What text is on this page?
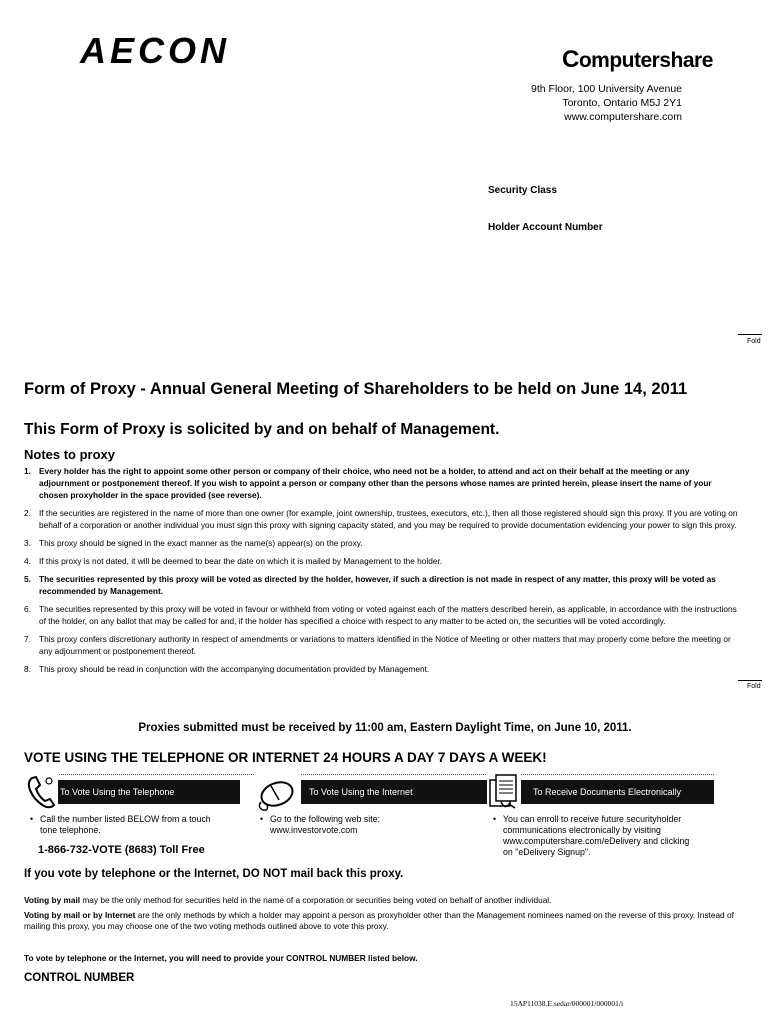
AECON	Computershare
9th Floor, 100 University Avenue
Toronto, Ontario M5J 2Y1
www.computershare.com
Security Class
Holder Account Number
Fold
Fold
Form of Proxy - Annual General Meeting of Shareholders to be held on June 14, 2011
This Form of Proxy is solicited by and on behalf of Management.
Notes to proxy
1. Every holder has the right to appoint some other person or company of their choice, who need not be a holder, to attend and act on their behalf at the meeting or any adjournment or postponement thereof. If you wish to appoint a person or company other than the persons whose names are printed herein, please insert the name of your chosen proxyholder in the space provided (see reverse).
2. If the securities are registered in the name of more than one owner (for example, joint ownership, trustees, executors, etc.), then all those registered should sign this proxy. If you are voting on behalf of a corporation or another individual you must sign this proxy with signing capacity stated, and you may be required to provide documentation evidencing your power to sign this proxy.
3. This proxy should be signed in the exact manner as the name(s) appear(s) on the proxy.
4. If this proxy is not dated, it will be deemed to bear the date on which it is mailed by Management to the holder.
5. The securities represented by this proxy will be voted as directed by the holder, however, if such a direction is not made in respect of any matter, this proxy will be voted as recommended by Management.
6. The securities represented by this proxy will be voted in favour or withheld from voting or voted against each of the matters described herein, as applicable, in accordance with the instructions of the holder, on any ballot that may be called for and, if the holder has specified a choice with respect to any matter to be acted on, the securities will be voted accordingly.
7. This proxy confers discretionary authority in respect of amendments or variations to matters identified in the Notice of Meeting or other matters that may properly come before the meeting or any adjournment or postponement thereof.
8. This proxy should be read in conjunction with the accompanying documentation provided by Management.
Proxies submitted must be received by 11:00 am, Eastern Daylight Time, on June 10, 2011.
VOTE USING THE TELEPHONE OR INTERNET 24 HOURS A DAY 7 DAYS A WEEK!
To Vote Using the Telephone	To Vote Using the Internet	To Receive Documents Electronically
• Call the number listed BELOW from a touch tone telephone.
1-866-732-VOTE (8683) Toll Free
• Go to the following web site: www.investorvote.com
• You can enroll to receive future securityholder communications electronically by visiting www.computershare.com/eDelivery and clicking on "eDelivery Signup".
If you vote by telephone or the Internet, DO NOT mail back this proxy.

Voting by mail may be the only method for securities held in the name of a corporation or securities being voted on behalf of another individual.

Voting by mail or by Internet are the only methods by which a holder may appoint a person as proxyholder other than the Management nominees named on the reverse of this proxy. Instead of mailing this proxy, you may choose one of the two voting methods outlined above to vote this proxy.

To vote by telephone or the Internet, you will need to provide your CONTROL NUMBER listed below.
CONTROL NUMBER
15AP11038.E.sedar/000001/000001/i
